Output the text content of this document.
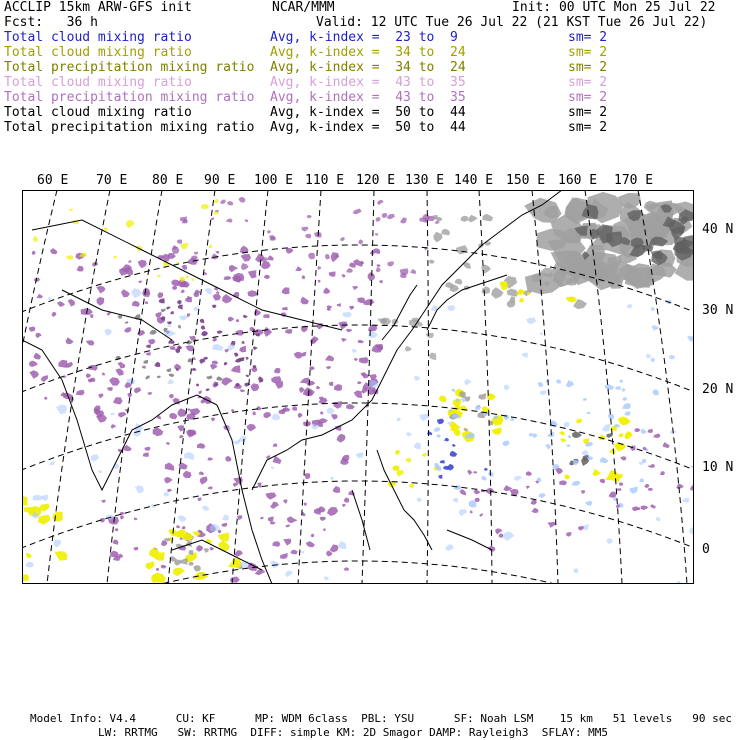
ACCLIP 15km ARW-GFS init	NCAR/MMM	Init: 00 UTC Mon 25 Jul 22
Fcst:   36 h	Valid: 12 UTC Tue 26 Jul 22 (21 KST Tue 26 Jul 22)
Total cloud mixing ratio	Avg, k-index =  23 to  9	sm= 2
Total cloud mixing ratio	Avg, k-index =  34 to  24	sm= 2
Total precipitation mixing ratio Avg, k-index =  34 to  24	sm= 2
Total cloud mixing ratio	Avg, k-index =  43 to  35	sm= 2
Total precipitation mixing ratio Avg, k-index =  43 to  35	sm= 2
Total cloud mixing ratio	Avg, k-index =  50 to  44	sm= 2
Total precipitation mixing ratio Avg, k-index =  50 to  44	sm= 2
60 E 70 E 80 E 90 E 100 E 110 E 120 E 130 E 140 E 150 E 160 E 170 E
40 N
30 N
20 N
10 N
0
Model Info: V4.4      CU: KF      MP: WDM 6class  PBL: YSU      SF: Noah LSM    15 km   51 levels   90 sec
LW: RRTMG   SW: RRTMG  DIFF: simple KM: 2D Smagor DAMP: Rayleigh3  SFLAY: MM5
